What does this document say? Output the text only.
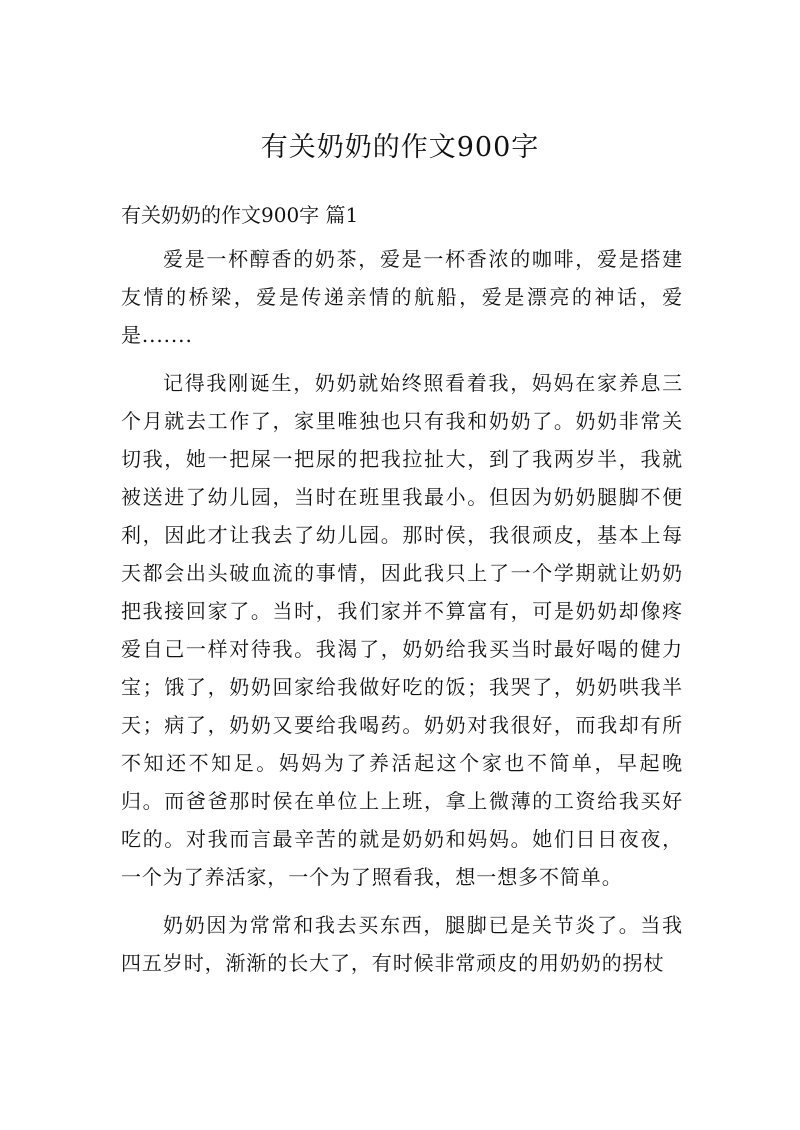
有关奶奶的作文900字
有关奶奶的作文900字 篇1

爱是一杯醇香的奶茶，爱是一杯香浓的咖啡，爱是搭建友情的桥梁，爱是传递亲情的航船，爱是漂亮的神话，爱是.......

记得我刚诞生，奶奶就始终照看着我，妈妈在家养息三个月就去工作了，家里唯独也只有我和奶奶了。奶奶非常关切我，她一把屎一把尿的把我拉扯大，到了我两岁半，我就被送进了幼儿园，当时在班里我最小。但因为奶奶腿脚不便利，因此才让我去了幼儿园。那时侯，我很顽皮，基本上每天都会出头破血流的事情，因此我只上了一个学期就让奶奶把我接回家了。当时，我们家并不算富有，可是奶奶却像疼爱自己一样对待我。我渴了，奶奶给我买当时最好喝的健力宝；饿了，奶奶回家给我做好吃的饭；我哭了，奶奶哄我半天；病了，奶奶又要给我喝药。奶奶对我很好，而我却有所不知还不知足。妈妈为了养活起这个家也不简单，早起晚归。而爸爸那时侯在单位上上班，拿上微薄的工资给我买好吃的。对我而言最辛苦的就是奶奶和妈妈。她们日日夜夜，一个为了养活家，一个为了照看我，想一想多不简单。

奶奶因为常常和我去买东西，腿脚已是关节炎了。当我四五岁时，渐渐的长大了，有时候非常顽皮的用奶奶的拐杖
